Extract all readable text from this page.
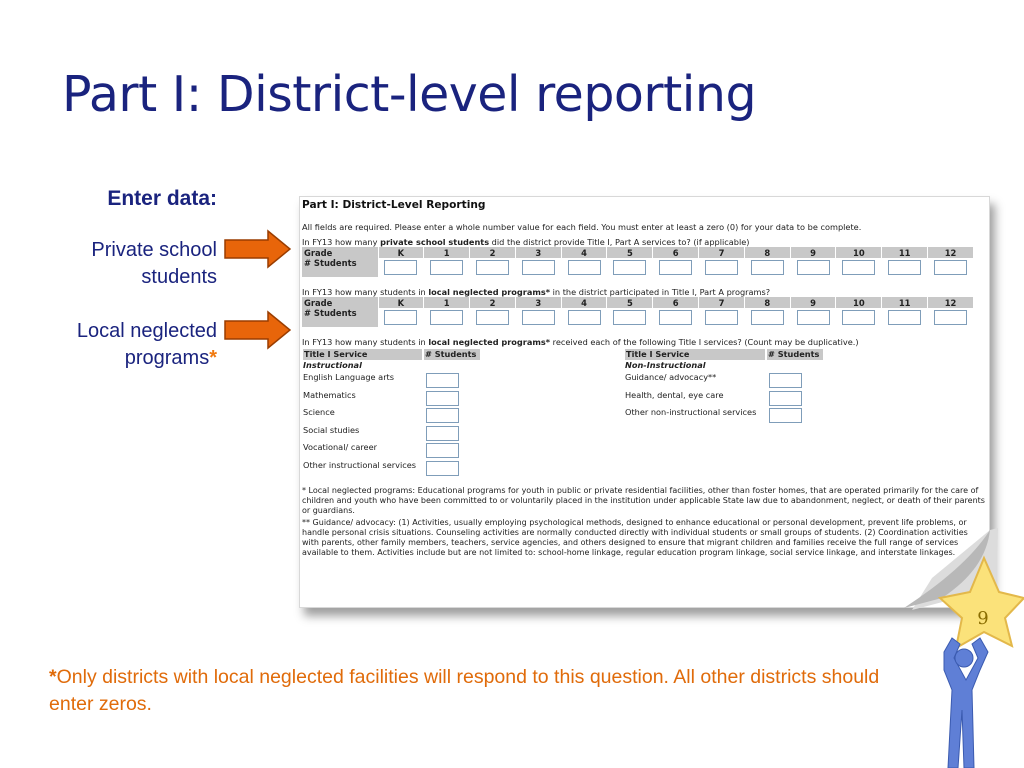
Part I: District-level reporting
Enter data:
Private school students
Local neglected programs*
Part I: District-Level Reporting
All fields are required. Please enter a whole number value for each field. You must enter at least a zero (0) for your data to be complete.
In FY13 how many private school students did the district provide Title I, Part A services to? (if applicable)
Grade	K	1	2	3	4	5	6	7	8	9	10	11	12
# Students													
In FY13 how many students in local neglected programs* in the district participated in Title I, Part A programs?
Grade	K	1	2	3	4	5	6	7	8	9	10	11	12
# Students													
In FY13 how many students in local neglected programs* received each of the following Title I services? (Count may be duplicative.)
Title I Service	# Students
Instructional
English Language arts
Mathematics
Science
Social studies
Vocational/ career
Other instructional services
Title I Service	# Students
Non-Instructional
Guidance/ advocacy**
Health, dental, eye care
Other non-instructional services
* Local neglected programs: Educational programs for youth in public or private residential facilities, other than foster homes, that are operated primarily for the care of children and youth who have been committed to or voluntarily placed in the institution under applicable State law due to abandonment, neglect, or death of their parents or guardians.
** Guidance/ advocacy: (1) Activities, usually employing psychological methods, designed to enhance educational or personal development, prevent life problems, or handle personal crisis situations. Counseling activities are normally conducted directly with individual students or small groups of students. (2) Coordination activities with parents, other family members, teachers, service agencies, and others designed to ensure that migrant children and families receive the full range of services available to them. Activities include but are not limited to: school-home linkage, regular education program linkage, social service linkage, and interstate linkages.
9
*Only districts with local neglected facilities will respond to this question. All other districts should enter zeros.
